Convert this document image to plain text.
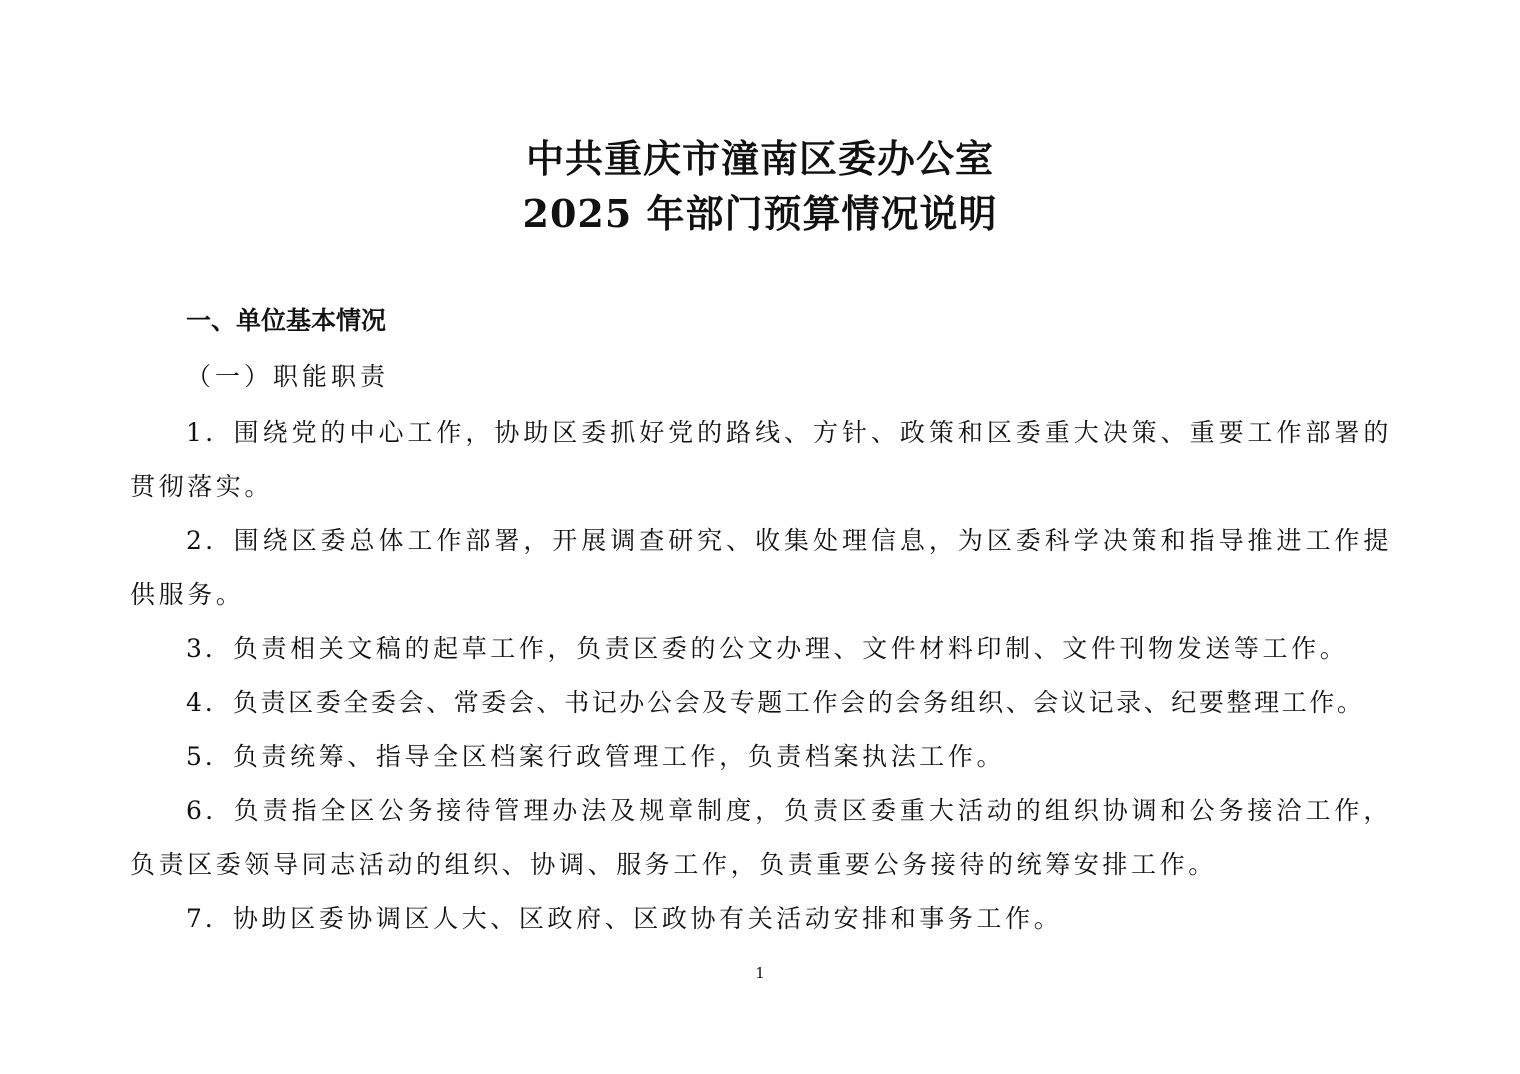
中共重庆市潼南区委办公室
2025 年部门预算情况说明
一、单位基本情况
（一）职能职责
1．围绕党的中心工作，协助区委抓好党的路线、方针、政策和区委重大决策、重要工作部署的贯彻落实。
2．围绕区委总体工作部署，开展调查研究、收集处理信息，为区委科学决策和指导推进工作提供服务。
3．负责相关文稿的起草工作，负责区委的公文办理、文件材料印制、文件刊物发送等工作。
4．负责区委全委会、常委会、书记办公会及专题工作会的会务组织、会议记录、纪要整理工作。
5．负责统筹、指导全区档案行政管理工作，负责档案执法工作。
6．负责指全区公务接待管理办法及规章制度，负责区委重大活动的组织协调和公务接洽工作，负责区委领导同志活动的组织、协调、服务工作，负责重要公务接待的统筹安排工作。
7．协助区委协调区人大、区政府、区政协有关活动安排和事务工作。
1
